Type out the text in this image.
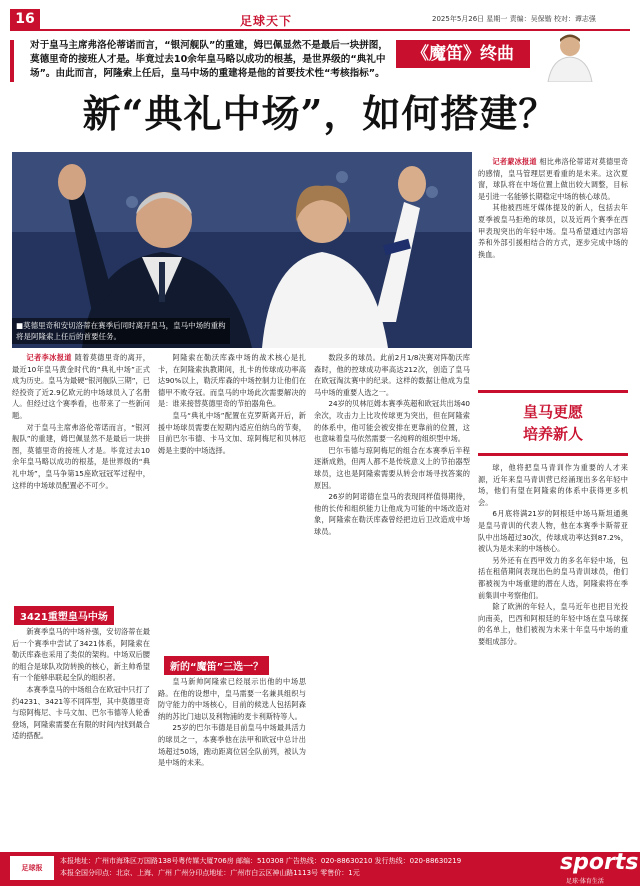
16	足球天下	2025年5月26日 星期一 责编：吴保锴 校对：谭志强
对于皇马主席弗洛伦蒂诺而言，“银河舰队”的重建，姆巴佩显然不是最后一块拼图，莫德里奇的接班人才是。毕竟过去10余年皇马略以成功的根基，是世界级的“典礼中场”。由此而言，阿隆索上任后，皇马中场的重建将是他的首要技术性“考核指标”。
《魔笛》终曲
新“典礼中场”，如何搭建？
■莫德里奇和安切洛蒂在赛季后同时离开皇马，皇马中场的重构将是阿隆索上任后的首要任务。

记者李冰报道 随着莫德里奇的离开，最近10年皇马黄金时代的“典礼中场”正式成为历史。皇马为最硬“银河舰队三期”，已经投资了近2.9亿欧元的中场球员入了名册人。但经过这个赛季看，也带来了一些新问题。

对于皇马主席弗洛伦蒂诺而言，“银河舰队”的重建，姆巴佩显然不是最后一块拼图，莫德里奇的接班人才是。毕竟过去10余年皇马略以成功的根基，是世界级的“典礼中场”，皇马争第15座欧冠冠军过程中，这样的中场球员配置必不可少。

3421重塑皇马中场

新赛季皇马的中场补强，安切洛蒂在最后一个赛季中尝试了3421体系，阿隆索在勒沃库森也采用了类似的架构。中场双后腰的组合是球队攻防转换的核心，新主帅希望有一个能够串联起全队的组织者。

本赛季皇马的中场组合在欧冠中只打了约4231、3421等不同阵型，其中莫德里奇与琼阿梅尼、卡马文加、巴尔韦德等人轮番登场，阿隆索需要在有限的时间内找到最合适的搭配。

阿隆索在勒沃库森中场的战术核心是扎卡，在阿隆索执教期间，扎卡的传球成功率高达90%以上，勒沃库森的中场控制力让他们在德甲不败夺冠。而皇马的中场此次需要解决的是：谁来接替莫德里奇的节拍器角色。

皇马“典礼中场”配置在克罗斯离开后，新援中场球员需要在短期内适应伯纳乌的节奏，目前巴尔韦德、卡马文加、琼阿梅尼和贝林厄姆是主要的中场选择。

新的“魔笛”三选一？

皇马新帅阿隆索已经展示出他的中场思路。在他的设想中，皇马需要一名兼具组织与防守能力的中场核心，目前的候选人包括阿森纳的苏比门迪以及利物浦的麦卡利斯特等人。

25岁的巴尔韦德是目前皇马中场最具活力的球员之一，本赛季他在法甲和欧冠中总计出场超过50场，跑动距离位居全队前列，被认为是中场的未来。

数段多的球员。此前2月1/8决赛对阵勒沃库森时，他的控球成功率高达212次，创造了皇马在欧冠淘汰赛中的纪录。这样的数据让他成为皇马中场的重要人选之一。

24岁的贝林厄姆本赛季英超和欧冠共出场40余次，攻击力上比攻传球更为突出，但在阿隆索的体系中，他可能会被安排在更靠前的位置，这也意味着皇马依然需要一名纯粹的组织型中场。

巴尔韦德与琼阿梅尼的组合在本赛季后半程逐渐成熟，但两人都不是传统意义上的节拍器型球员，这也是阿隆索需要从转会市场寻找答案的原因。

26岁的阿诺德在皇马的表现同样值得期待，他的长传和组织能力让他成为可能的中场改造对象，阿隆索在勒沃库森曾经把边后卫改造成中场球员。

记者蒙冰报道 相比弗洛伦蒂诺对莫德里奇的感情，皇马管理层更看重的是未来。这次夏窗，球队将在中场位置上做出较大调整，目标是引进一名能够长期稳定中场的核心球员。

其他被西班牙媒体提及的新人，包括去年夏季被皇马拒绝的球员，以及近两个赛季在西甲表现突出的年轻中场。皇马希望通过内部培养和外部引援相结合的方式，逐步完成中场的换血。

皇马更愿
培养新人

球，他将把皇马青训作为重要的人才来源，近年来皇马青训营已经涌现出多名年轻中场，他们有望在阿隆索的体系中获得更多机会。

6月底将满21岁的阿根廷中场马斯坦通奥是皇马青训的代表人物，他在本赛季卡斯蒂亚队中出场超过30次，传球成功率达到87.2%，被认为是未来的中场核心。

另外还有在西甲效力的多名年轻中场，包括在租借期间表现出色的皇马青训球员，他们都被视为中场重建的潜在人选，阿隆索将在季前集训中考察他们。

除了欧洲的年轻人，皇马近年也把目光投向南美，巴西和阿根廷的年轻中场在皇马球探的名单上，他们被视为未来十年皇马中场的重要组成部分。

足球报
本报地址：广州市海珠区万国路138号粤传媒大厦706房 邮编：510308 广告热线：020-88630210 发行热线：020-88630219
本报全国分印点：北京、上海、广州 广州分印点地址：广州市白云区神山路1113号 零售价：1元	sports
足球·体育生活
